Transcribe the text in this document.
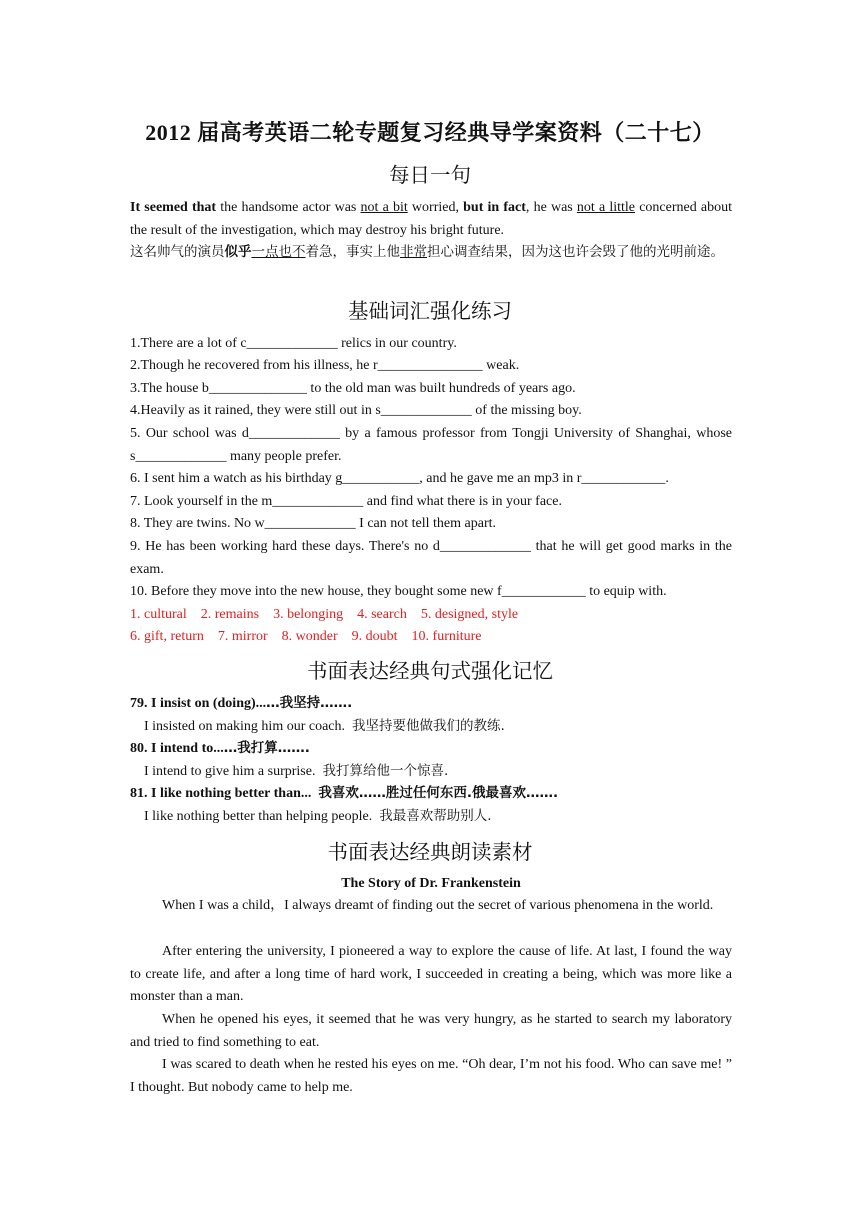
2012 届高考英语二轮专题复习经典导学案资料（二十七）
每日一句
It seemed that the handsome actor was not a bit worried, but in fact, he was not a little concerned about the result of the investigation, which may destroy his bright future.
这名帅气的演员似乎一点也不着急，事实上他非常担心调查结果，因为这也许会毁了他的光明前途。
基础词汇强化练习
1.There are a lot of c_____________ relics in our country.
2.Though he recovered from his illness, he r_______________ weak.
3.The house b______________ to the old man was built hundreds of years ago.
4.Heavily as it rained, they were still out in s_____________ of the missing boy.
5. Our school was d_____________ by a famous professor from Tongji University of Shanghai, whose s_____________ many people prefer.
6. I sent him a watch as his birthday g___________, and he gave me an mp3 in r____________.
7. Look yourself in the m_____________ and find what there is in your face.
8. They are twins. No w_____________ I can not tell them apart.
9. He has been working hard these days. There's no d_____________ that he will get good marks in the exam.
10. Before they move into the new house, they bought some new f____________ to equip with.
1. cultural 2. remains 3. belonging 4. search 5. designed, style
6. gift, return 7. mirror 8. wonder 9. doubt 10. furniture
书面表达经典句式强化记忆
79. I insist on (doing)...…我坚持…….
I insisted on making him our coach. 我坚持要他做我们的教练.
80. I intend to...…我打算…….
I intend to give him a surprise. 我打算给他一个惊喜.
81. I like nothing better than... 我喜欢……胜过任何东西.俄最喜欢…….
I like nothing better than helping people. 我最喜欢帮助别人.
书面表达经典朗读素材
The Story of Dr. Frankenstein
When I was a child，I always dreamt of finding out the secret of various phenomena in the world.
After entering the university, I pioneered a way to explore the cause of life. At last, I found the way to create life, and after a long time of hard work, I succeeded in creating a being, which was more like a monster than a man.
When he opened his eyes, it seemed that he was very hungry, as he started to search my laboratory and tried to find something to eat.
I was scared to death when he rested his eyes on me. “Oh dear, I’m not his food. Who can save me! ” I thought. But nobody came to help me.
